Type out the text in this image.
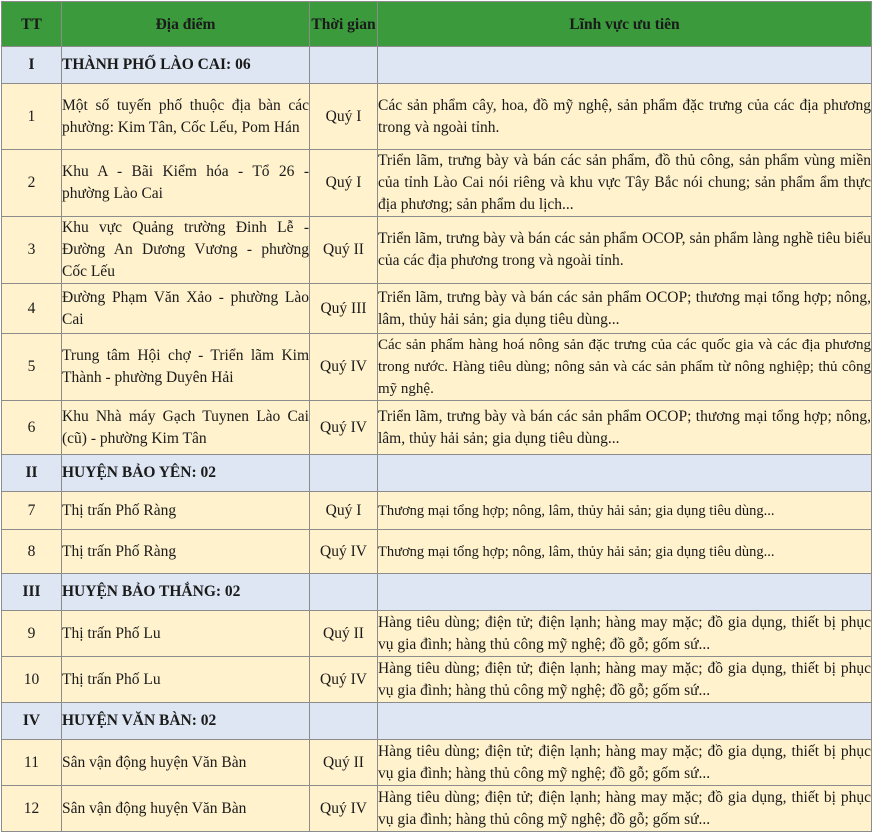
TT	Địa điểm	Thời gian	Lĩnh vực ưu tiên
I	THÀNH PHỐ LÀO CAI: 06		
1	Một số tuyến phố thuộc địa bàn các phường: Kim Tân, Cốc Lếu, Pom Hán	Quý I	Các sản phẩm cây, hoa, đồ mỹ nghệ, sản phẩm đặc trưng của các địa phương trong và ngoài tỉnh.
2	Khu A - Bãi Kiểm hóa - Tổ 26 - phường Lào Cai	Quý I	Triển lãm, trưng bày và bán các sản phẩm, đồ thủ công, sản phẩm vùng miền của tỉnh Lào Cai nói riêng và khu vực Tây Bắc nói chung; sản phẩm ẩm thực địa phương; sản phẩm du lịch...
3	Khu vực Quảng trường Đinh Lễ - Đường An Dương Vương - phường Cốc Lếu	Quý II	Triển lãm, trưng bày và bán các sản phẩm OCOP, sản phẩm làng nghề tiêu biểu của các địa phương trong và ngoài tỉnh.
4	Đường Phạm Văn Xảo - phường Lào Cai	Quý III	Triển lãm, trưng bày và bán các sản phẩm OCOP; thương mại tổng hợp; nông, lâm, thủy hải sản; gia dụng tiêu dùng...
5	Trung tâm Hội chợ - Triển lãm Kim Thành - phường Duyên Hải	Quý IV	Các sản phẩm hàng hoá nông sản đặc trưng của các quốc gia và các địa phương trong nước. Hàng tiêu dùng; nông sản và các sản phẩm từ nông nghiệp; thủ công mỹ nghệ.
6	Khu Nhà máy Gạch Tuynen Lào Cai (cũ) - phường Kim Tân	Quý IV	Triển lãm, trưng bày và bán các sản phẩm OCOP; thương mại tổng hợp; nông, lâm, thủy hải sản; gia dụng tiêu dùng...
II	HUYỆN BẢO YÊN: 02		
7	Thị trấn Phố Ràng	Quý I	Thương mại tổng hợp; nông, lâm, thủy hải sản; gia dụng tiêu dùng...
8	Thị trấn Phố Ràng	Quý IV	Thương mại tổng hợp; nông, lâm, thủy hải sản; gia dụng tiêu dùng...
III	HUYỆN BẢO THẮNG: 02		
9	Thị trấn Phố Lu	Quý II	Hàng tiêu dùng; điện tử; điện lạnh; hàng may mặc; đồ gia dụng, thiết bị phục vụ gia đình; hàng thủ công mỹ nghệ; đồ gỗ; gốm sứ...
10	Thị trấn Phố Lu	Quý IV	Hàng tiêu dùng; điện tử; điện lạnh; hàng may mặc; đồ gia dụng, thiết bị phục vụ gia đình; hàng thủ công mỹ nghệ; đồ gỗ; gốm sứ...
IV	HUYỆN VĂN BÀN: 02		
11	Sân vận động huyện Văn Bàn	Quý II	Hàng tiêu dùng; điện tử; điện lạnh; hàng may mặc; đồ gia dụng, thiết bị phục vụ gia đình; hàng thủ công mỹ nghệ; đồ gỗ; gốm sứ...
12	Sân vận động huyện Văn Bàn	Quý IV	Hàng tiêu dùng; điện tử; điện lạnh; hàng may mặc; đồ gia dụng, thiết bị phục vụ gia đình; hàng thủ công mỹ nghệ; đồ gỗ; gốm sứ...
